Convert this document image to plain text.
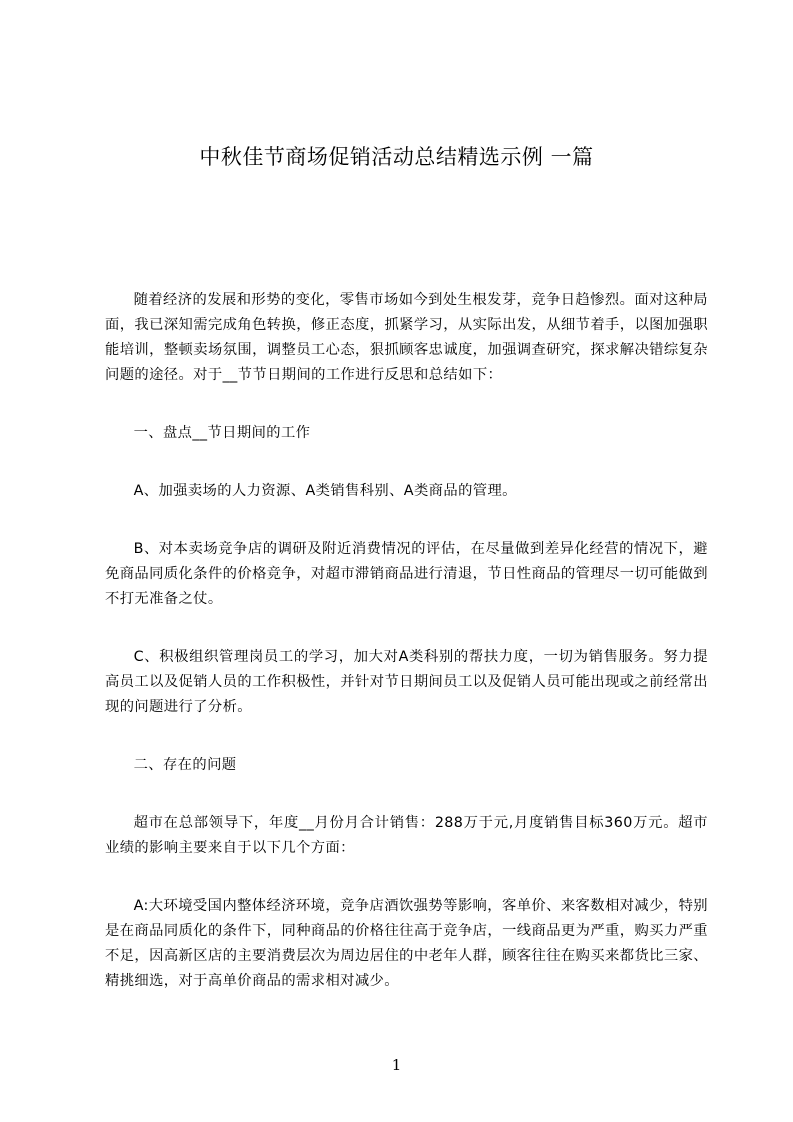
中秋佳节商场促销活动总结精选示例 一篇

随着经济的发展和形势的变化，零售市场如今到处生根发芽，竞争日趋惨烈。面对这种局面，我已深知需完成角色转换，修正态度，抓紧学习，从实际出发，从细节着手，以图加强职能培训，整顿卖场氛围，调整员工心态，狠抓顾客忠诚度，加强调查研究，探求解决错综复杂问题的途径。对于__节节日期间的工作进行反思和总结如下：

一、盘点__节日期间的工作

A、加强卖场的人力资源、A类销售科别、A类商品的管理。

B、对本卖场竞争店的调研及附近消费情况的评估，在尽量做到差异化经营的情况下，避免商品同质化条件的价格竞争，对超市滞销商品进行清退，节日性商品的管理尽一切可能做到不打无准备之仗。

C、积极组织管理岗员工的学习，加大对A类科别的帮扶力度，一切为销售服务。努力提高员工以及促销人员的工作积极性，并针对节日期间员工以及促销人员可能出现或之前经常出现的问题进行了分析。

二、存在的问题

超市在总部领导下，年度__月份月合计销售：288万于元,月度销售目标360万元。超市业绩的影响主要来自于以下几个方面：

A:大环境受国内整体经济环境，竞争店酒饮强势等影响，客单价、来客数相对减少，特别是在商品同质化的条件下，同种商品的价格往往高于竞争店，一线商品更为严重，购买力严重不足，因高新区店的主要消费层次为周边居住的中老年人群，顾客往往在购买来都货比三家、精挑细选，对于高单价商品的需求相对减少。

1
